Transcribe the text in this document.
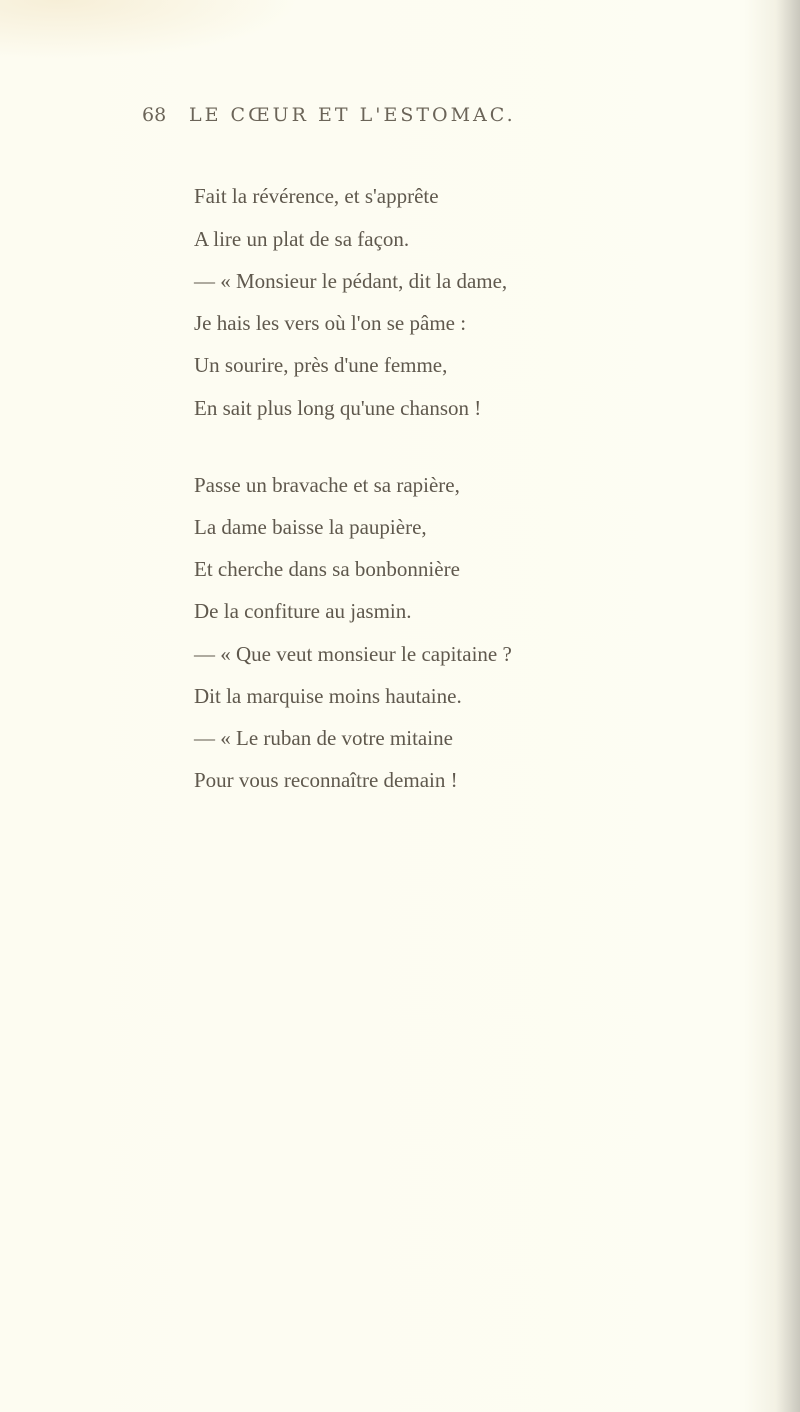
68 LE CŒUR ET L'ESTOMAC.
Fait la révérence, et s'apprête
A lire un plat de sa façon.
— « Monsieur le pédant, dit la dame,
Je hais les vers où l'on se pâme :
Un sourire, près d'une femme,
En sait plus long qu'une chanson !
Passe un bravache et sa rapière,
La dame baisse la paupière,
Et cherche dans sa bonbonnière
De la confiture au jasmin.
— « Que veut monsieur le capitaine ?
Dit la marquise moins hautaine.
— « Le ruban de votre mitaine
Pour vous reconnaître demain !
